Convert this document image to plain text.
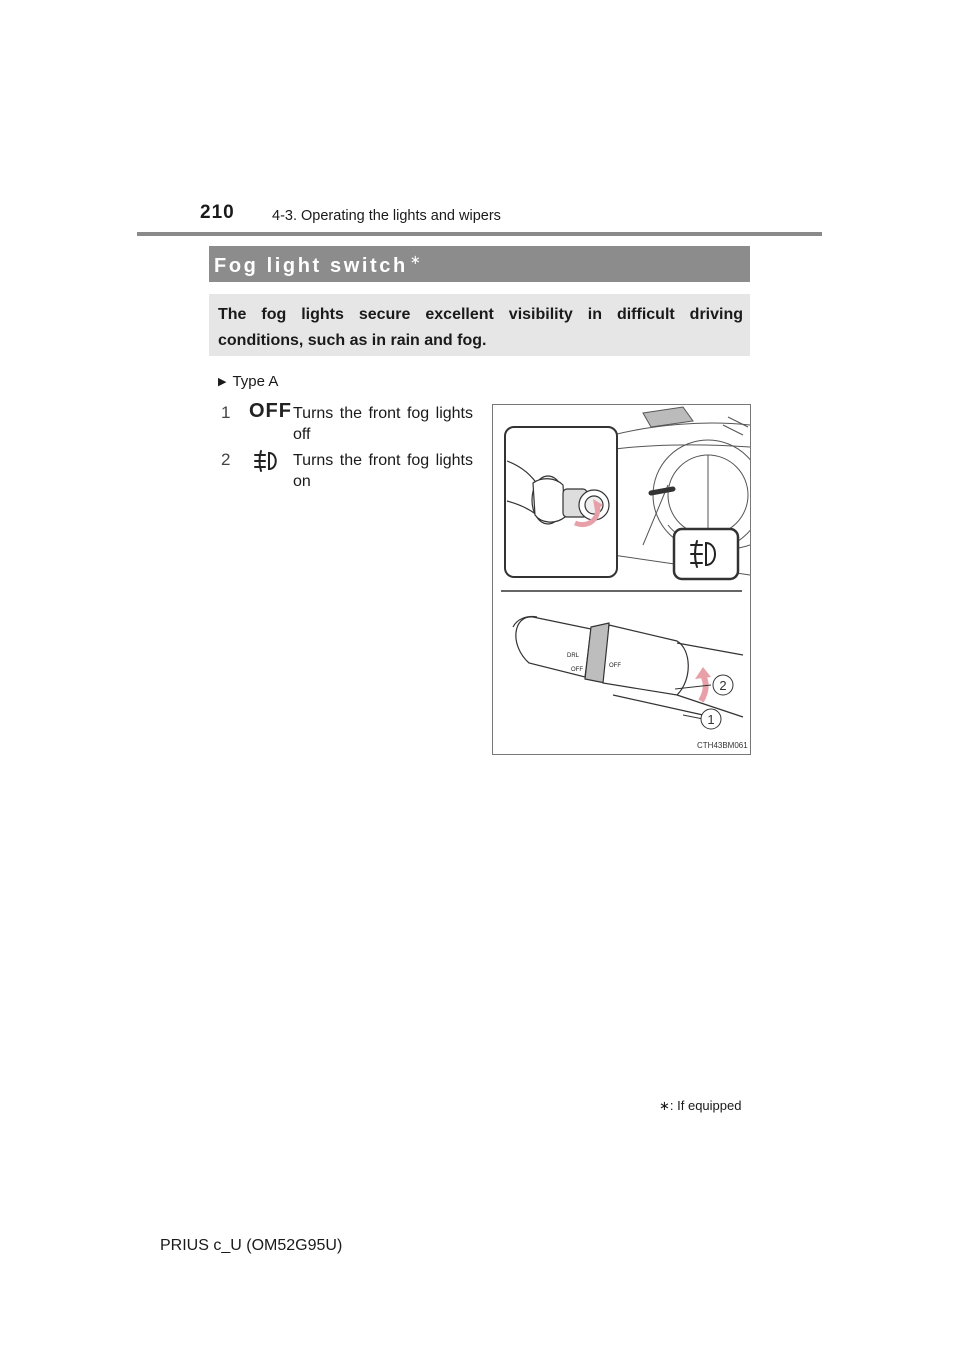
210	4-3. Operating the lights and wipers
Fog light switch ∗
The fog lights secure excellent visibility in difficult driving conditions, such as in rain and fog.
▶ Type A
1 OFF Turns the front fog lights off
2	Turns the front fog lights on
DRL
OFF
OFF
2
1
CTH43BM061
∗: If equipped
PRIUS c_U (OM52G95U)
